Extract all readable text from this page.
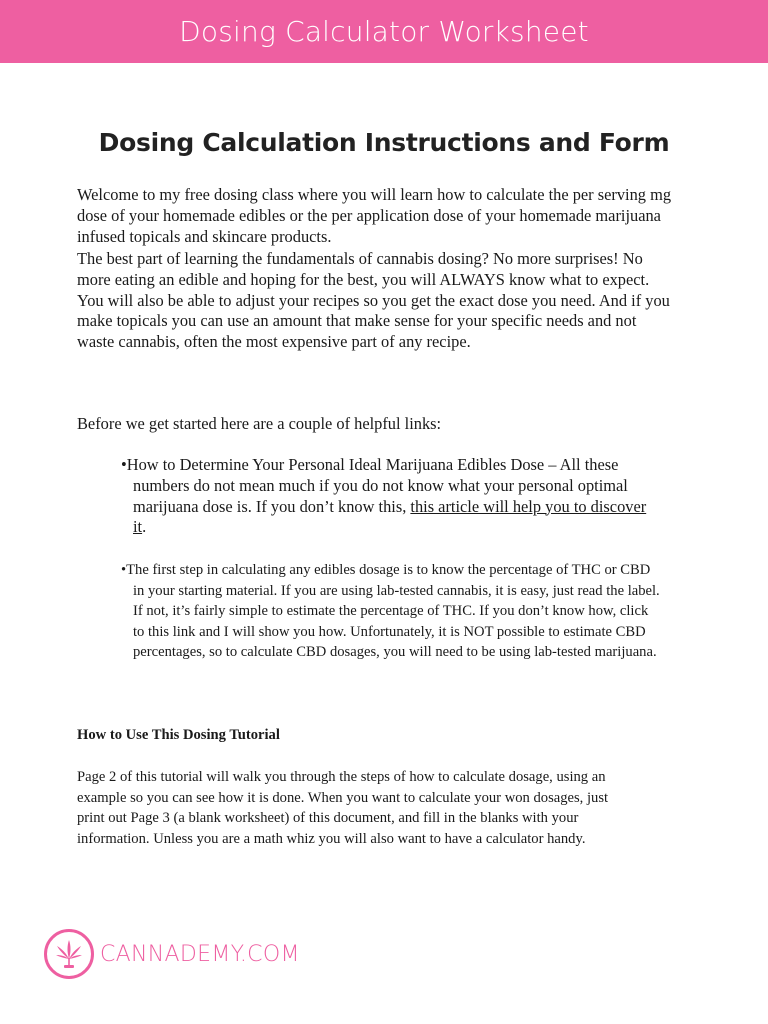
Dosing Calculator Worksheet
Dosing Calculation Instructions and Form

Welcome to my free dosing class where you will learn how to calculate the per serving mg dose of your homemade edibles or the per application dose of your homemade marijuana infused topicals and skincare products.

The best part of learning the fundamentals of cannabis dosing? No more surprises! No more eating an edible and hoping for the best, you will ALWAYS know what to expect. You will also be able to adjust your recipes so you get the exact dose you need. And if you make topicals you can use an amount that make sense for your specific needs and not waste cannabis, often the most expensive part of any recipe.

Before we get started here are a couple of helpful links:

•How to Determine Your Personal Ideal Marijuana Edibles Dose – All these numbers do not mean much if you do not know what your personal optimal marijuana dose is. If you don’t know this, this article will help you to discover it.
•The first step in calculating any edibles dosage is to know the percentage of THC or CBD in your starting material. If you are using lab-tested cannabis, it is easy, just read the label. If not, it’s fairly simple to estimate the percentage of THC. If you don’t know how, click to this link and I will show you how. Unfortunately, it is NOT possible to estimate CBD percentages, so to calculate CBD dosages, you will need to be using lab-tested marijuana.

How to Use This Dosing Tutorial

Page 2 of this tutorial will walk you through the steps of how to calculate dosage, using an example so you can see how it is done. When you want to calculate your won dosages, just print out Page 3 (a blank worksheet) of this document, and fill in the blanks with your information. Unless you are a math whiz you will also want to have a calculator handy.

CANNADEMY.COM
